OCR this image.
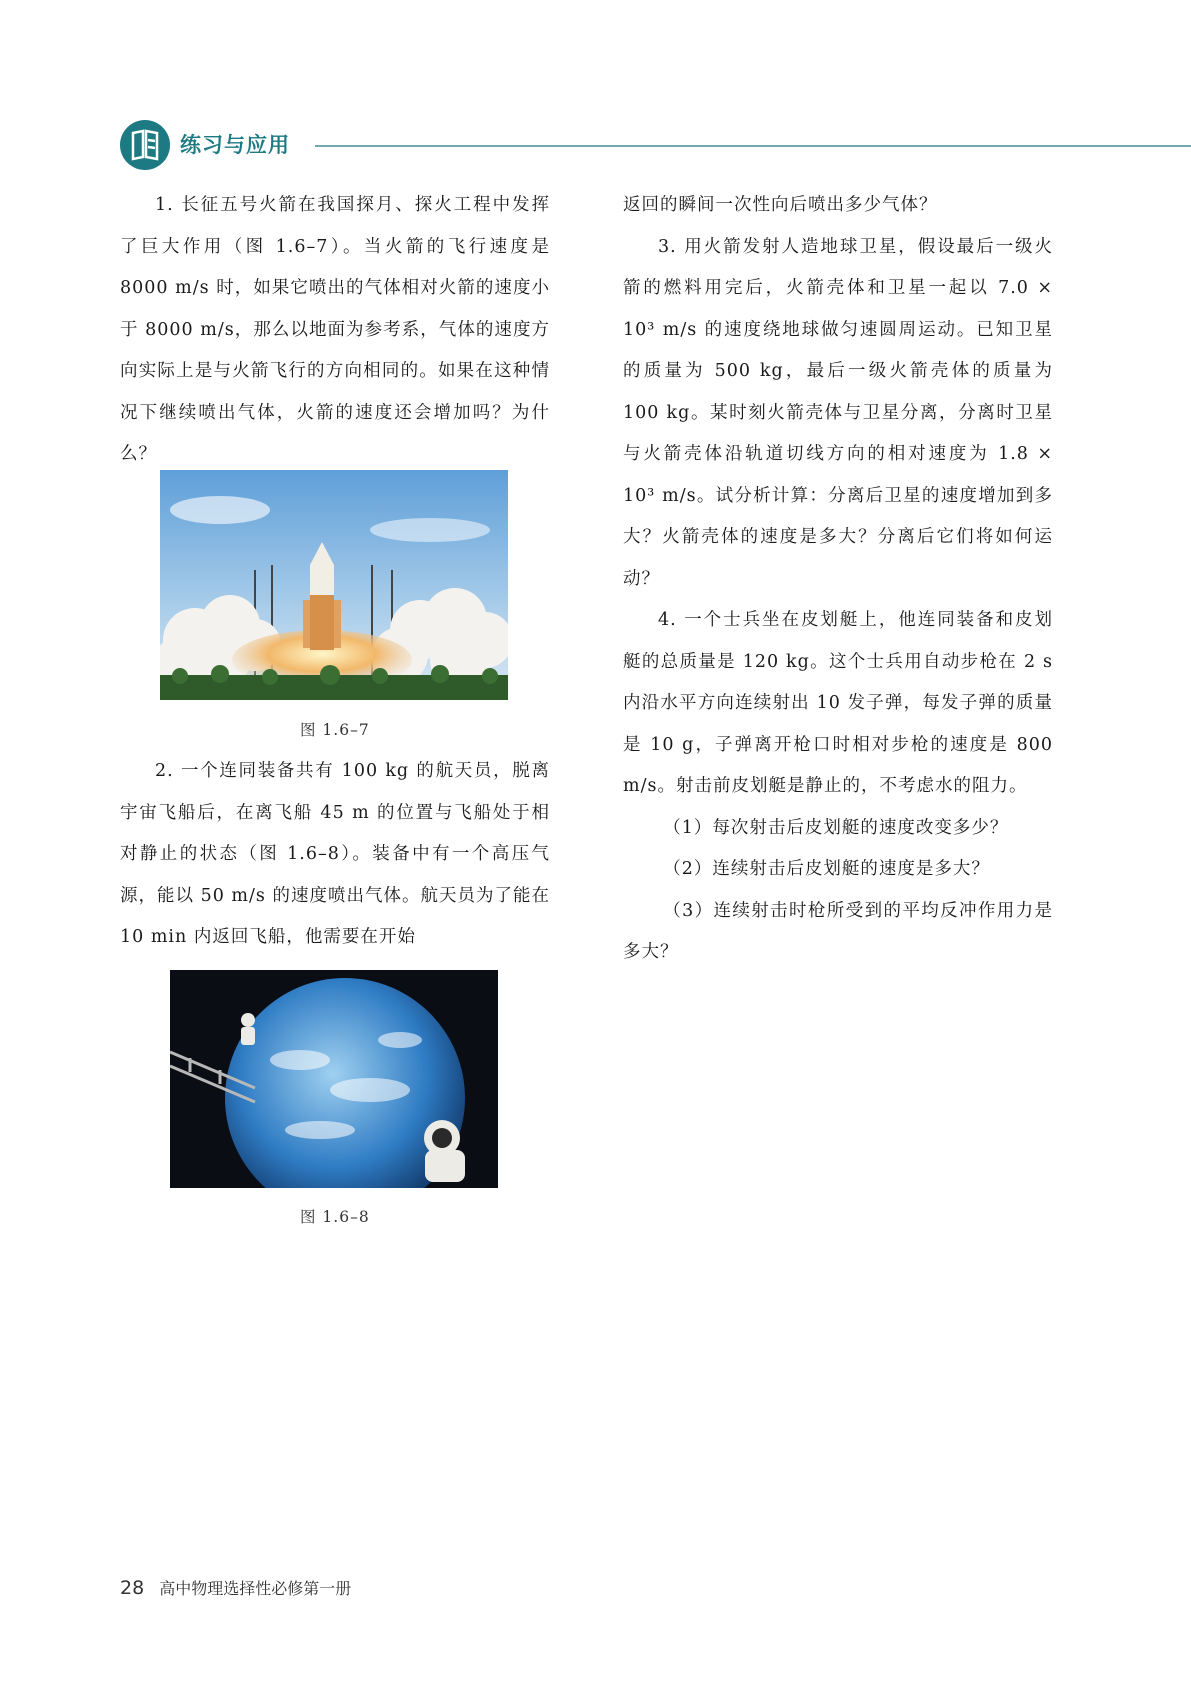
练习与应用

1. 长征五号火箭在我国探月、探火工程中发挥了巨大作用（图 1.6–7）。当火箭的飞行速度是 8000 m/s 时，如果它喷出的气体相对火箭的速度小于 8000 m/s，那么以地面为参考系，气体的速度方向实际上是与火箭飞行的方向相同的。如果在这种情况下继续喷出气体，火箭的速度还会增加吗？为什么？

图 1.6–7

2. 一个连同装备共有 100 kg 的航天员，脱离宇宙飞船后，在离飞船 45 m 的位置与飞船处于相对静止的状态（图 1.6–8）。装备中有一个高压气源，能以 50 m/s 的速度喷出气体。航天员为了能在 10 min 内返回飞船，他需要在开始

图 1.6–8

返回的瞬间一次性向后喷出多少气体？

3. 用火箭发射人造地球卫星，假设最后一级火箭的燃料用完后，火箭壳体和卫星一起以 7.0 × 10³ m/s 的速度绕地球做匀速圆周运动。已知卫星的质量为 500 kg，最后一级火箭壳体的质量为 100 kg。某时刻火箭壳体与卫星分离，分离时卫星与火箭壳体沿轨道切线方向的相对速度为 1.8 × 10³ m/s。试分析计算：分离后卫星的速度增加到多大？火箭壳体的速度是多大？分离后它们将如何运动？

4. 一个士兵坐在皮划艇上，他连同装备和皮划艇的总质量是 120 kg。这个士兵用自动步枪在 2 s 内沿水平方向连续射出 10 发子弹，每发子弹的质量是 10 g，子弹离开枪口时相对步枪的速度是 800 m/s。射击前皮划艇是静止的，不考虑水的阻力。

（1）每次射击后皮划艇的速度改变多少？

（2）连续射击后皮划艇的速度是多大？

（3）连续射击时枪所受到的平均反冲作用力是多大？

28 高中物理选择性必修第一册
